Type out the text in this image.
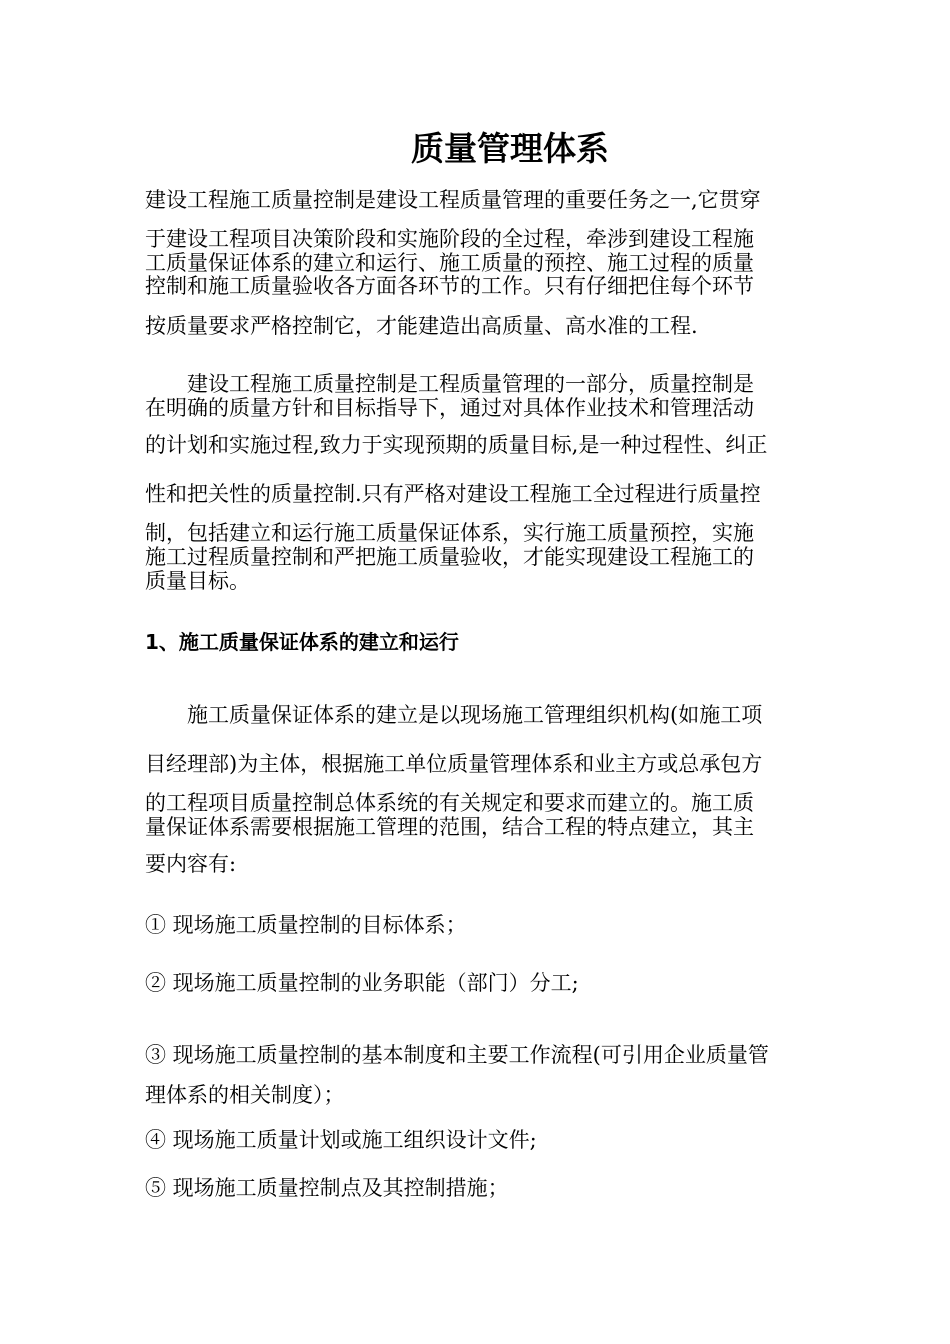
质量管理体系
建设工程施工质量控制是建设工程质量管理的重要任务之一,它贯穿
于建设工程项目决策阶段和实施阶段的全过程，牵涉到建设工程施
工质量保证体系的建立和运行、施工质量的预控、施工过程的质量
控制和施工质量验收各方面各环节的工作。只有仔细把住每个环节
按质量要求严格控制它，才能建造出高质量、高水准的工程.
建设工程施工质量控制是工程质量管理的一部分，质量控制是
在明确的质量方针和目标指导下，通过对具体作业技术和管理活动
的计划和实施过程,致力于实现预期的质量目标,是一种过程性、纠正
性和把关性的质量控制.只有严格对建设工程施工全过程进行质量控
制，包括建立和运行施工质量保证体系，实行施工质量预控，实施
施工过程质量控制和严把施工质量验收，才能实现建设工程施工的
质量目标。
1、施工质量保证体系的建立和运行
施工质量保证体系的建立是以现场施工管理组织机构(如施工项
目经理部)为主体，根据施工单位质量管理体系和业主方或总承包方
的工程项目质量控制总体系统的有关规定和要求而建立的。施工质
量保证体系需要根据施工管理的范围，结合工程的特点建立，其主
要内容有:
① 现场施工质量控制的目标体系；
② 现场施工质量控制的业务职能（部门）分工;
③ 现场施工质量控制的基本制度和主要工作流程(可引用企业质量管
理体系的相关制度）；
④ 现场施工质量计划或施工组织设计文件;
⑤ 现场施工质量控制点及其控制措施；
